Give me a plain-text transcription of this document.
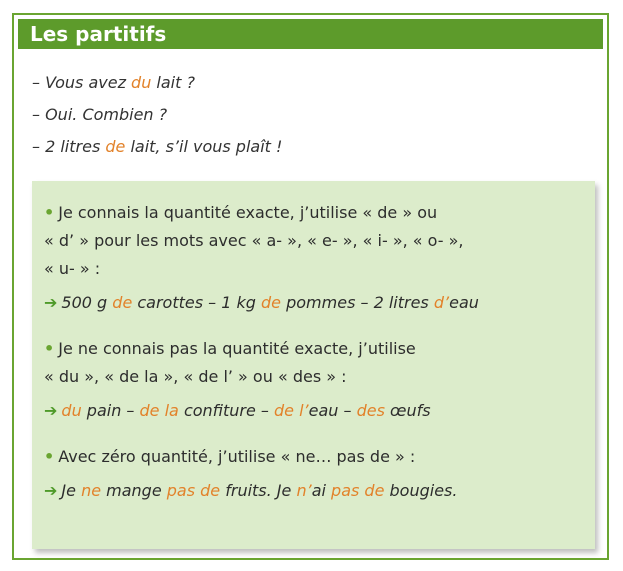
Les partitifs
– Vous avez du lait ?
– Oui. Combien ?
– 2 litres de lait, s’il vous plaît !
• Je connais la quantité exacte, j’utilise « de » ou
« d’ » pour les mots avec « a- », « e- », « i- », « o- »,
« u- » :
➔ 500 g de carottes – 1 kg de pommes – 2 litres d’eau
• Je ne connais pas la quantité exacte, j’utilise
« du », « de la », « de l’ » ou « des » :
➔ du pain – de la confiture – de l’eau – des œufs
• Avec zéro quantité, j’utilise « ne… pas de » :
➔ Je ne mange pas de fruits. Je n’ai pas de bougies.
